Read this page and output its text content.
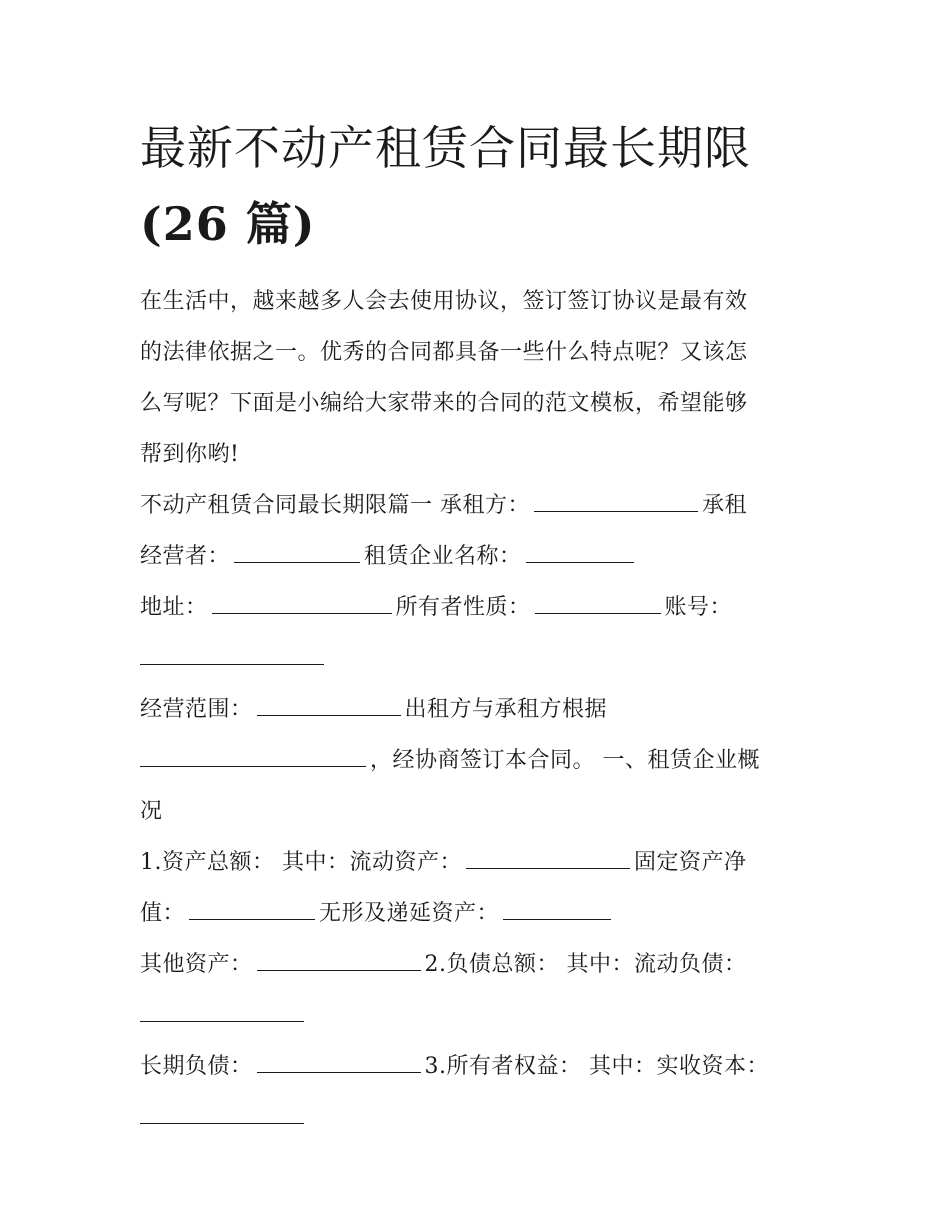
最新不动产租赁合同最长期限
(26 篇)

在生活中，越来越多人会去使用协议，签订签订协议是最有效
的法律依据之一。优秀的合同都具备一些什么特点呢？又该怎
么写呢？下面是小编给大家带来的合同的范文模板，希望能够
帮到你哟!

不动产租赁合同最长期限篇一 承租方：	承租
经营者：	租赁企业名称：
地址：	所有者性质：	账号：

经营范围：	出租方与承租方根据
，经协商签订本合同。 一、租赁企业概
况

1.资产总额： 其中：流动资产：	固定资产净
值：	无形及递延资产：
其他资产：	2.负债总额： 其中：流动负债：

长期负债：	3.所有者权益： 其中：实收资本：
